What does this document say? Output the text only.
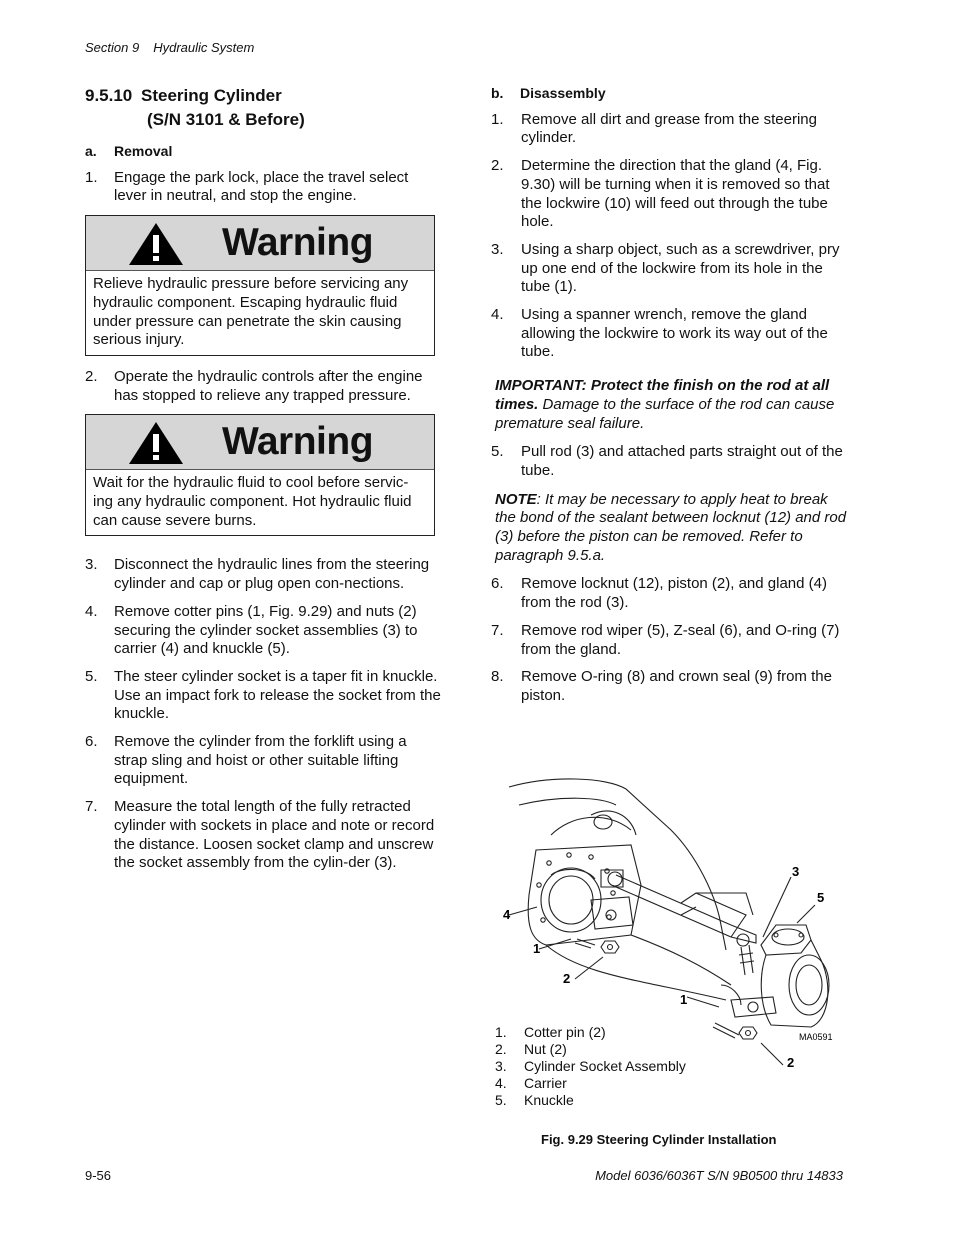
Section 9 Hydraulic System
9.5.10 Steering Cylinder
(S/N 3101 & Before)
a. Removal
1. Engage the park lock, place the travel select lever in neutral, and stop the engine.
Warning
Relieve hydraulic pressure before servicing any hydraulic component. Escaping hydraulic fluid under pressure can penetrate the skin causing serious injury.
2. Operate the hydraulic controls after the engine has stopped to relieve any trapped pressure.
Warning
Wait for the hydraulic fluid to cool before servic-ing any hydraulic component. Hot hydraulic fluid can cause severe burns.
3. Disconnect the hydraulic lines from the steering cylinder and cap or plug open con-nections.
4. Remove cotter pins (1, Fig. 9.29) and nuts (2) securing the cylinder socket assemblies (3) to carrier (4) and knuckle (5).
5. The steer cylinder socket is a taper fit in knuckle. Use an impact fork to release the socket from the knuckle.
6. Remove the cylinder from the forklift using a strap sling and hoist or other suitable lifting equipment.
7. Measure the total length of the fully retracted cylinder with sockets in place and note or record the distance. Loosen socket clamp and unscrew the socket assembly from the cylin-der (3).
b. Disassembly
1. Remove all dirt and grease from the steering cylinder.
2. Determine the direction that the gland (4, Fig. 9.30) will be turning when it is removed so that the lockwire (10) will feed out through the tube hole.
3. Using a sharp object, such as a screwdriver, pry up one end of the lockwire from its hole in the tube (1).
4. Using a spanner wrench, remove the gland allowing the lockwire to work its way out of the tube.
IMPORTANT: Protect the finish on the rod at all times. Damage to the surface of the rod can cause premature seal failure.
5. Pull rod (3) and attached parts straight out of the tube.
NOTE: It may be necessary to apply heat to break the bond of the sealant between locknut (12) and rod (3) before the piston can be removed. Refer to paragraph 9.5.a.
6. Remove locknut (12), piston (2), and gland (4) from the rod (3).
7. Remove rod wiper (5), Z-seal (6), and O-ring (7) from the gland.
8. Remove O-ring (8) and crown seal (9) from the piston.
4
1
2
1
2
3
5
MA0591
1. Cotter pin (2)
2. Nut (2)
3. Cylinder Socket Assembly
4. Carrier
5. Knuckle
Fig. 9.29 Steering Cylinder Installation
9-56	Model 6036/6036T S/N 9B0500 thru 14833
